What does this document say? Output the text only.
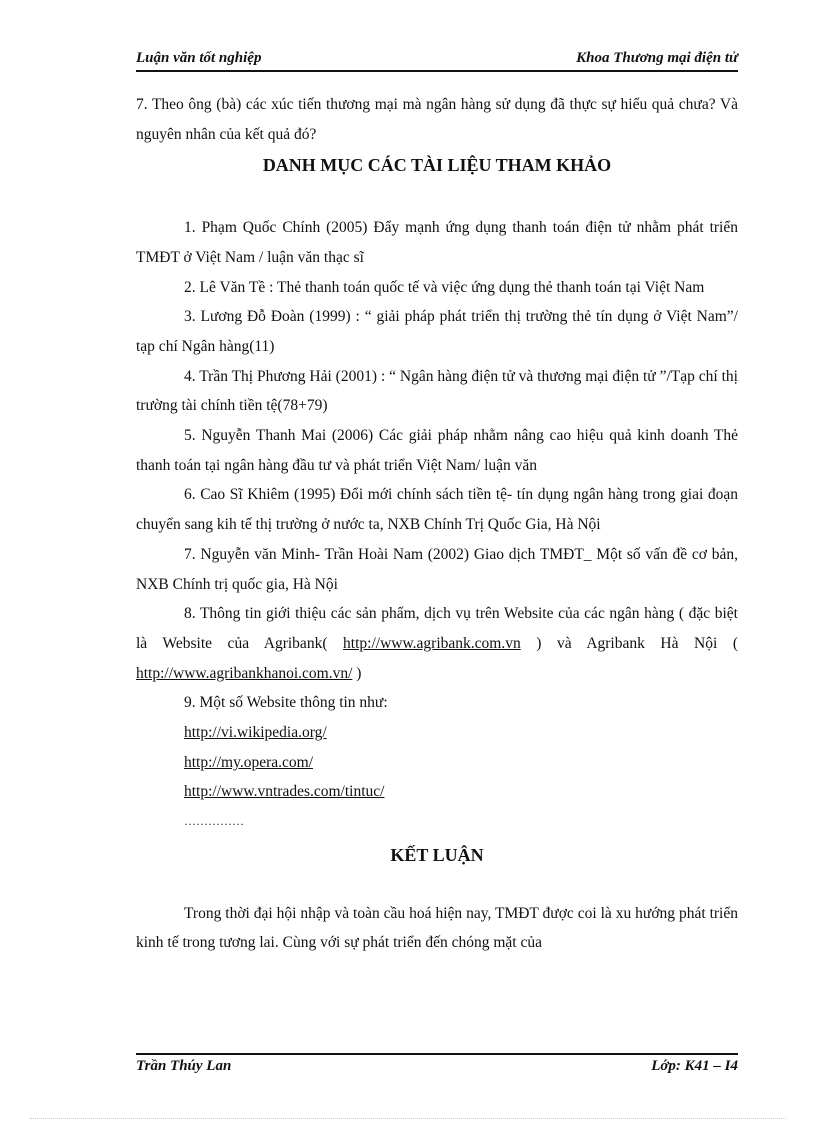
Luận văn tốt nghiệp	Khoa Thương mại điện tử

7. Theo ông (bà) các xúc tiến thương mại mà ngân hàng sử dụng đã thực sự hiểu quả chưa? Và nguyên nhân của kết quả đó?

DANH MỤC CÁC TÀI LIỆU THAM KHẢO

1. Phạm Quốc Chính (2005) Đẩy mạnh ứng dụng thanh toán điện tử nhằm phát triển TMĐT ở Việt Nam / luận văn thạc sĩ

2. Lê Văn Tề : Thẻ thanh toán quốc tế và việc ứng dụng thẻ thanh toán tại Việt Nam

3. Lương Đỗ Đoàn (1999) : “ giải pháp phát triển thị trường thẻ tín dụng ở Việt Nam”/ tạp chí Ngân hàng(11)

4. Trần Thị Phương Hải (2001) : “ Ngân hàng điện tử và thương mại điện tử ”/Tạp chí thị trường tài chính tiền tệ(78+79)

5. Nguyễn Thanh Mai (2006) Các giải pháp nhằm nâng cao hiệu quả kinh doanh Thẻ thanh toán tại ngân hàng đầu tư và phát triển Việt Nam/ luận văn

6. Cao Sĩ Khiêm (1995) Đổi mới chính sách tiền tệ- tín dụng ngân hàng trong giai đoạn chuyển sang kih tế thị trường ở nước ta, NXB Chính Trị Quốc Gia, Hà Nội

7. Nguyễn văn Minh- Trần Hoài Nam (2002) Giao dịch TMĐT_ Một số vấn đề cơ bản, NXB Chính trị quốc gia, Hà Nội

8. Thông tin giới thiệu các sản phẩm, dịch vụ trên Website của các ngân hàng ( đặc biệt là Website của Agribank( http://www.agribank.com.vn ) và Agribank Hà Nội ( http://www.agribankhanoi.com.vn/ )

9. Một số Website thông tin như:

http://vi.wikipedia.org/

http://my.opera.com/

http://www.vntrades.com/tintuc/

……………

KẾT LUẬN

Trong thời đại hội nhập và toàn cầu hoá hiện nay, TMĐT được coi là xu hướng phát triển kinh tế trong tương lai. Cùng với sự phát triển đến chóng mặt của

Trần Thúy Lan	Lớp: K41 – I4
